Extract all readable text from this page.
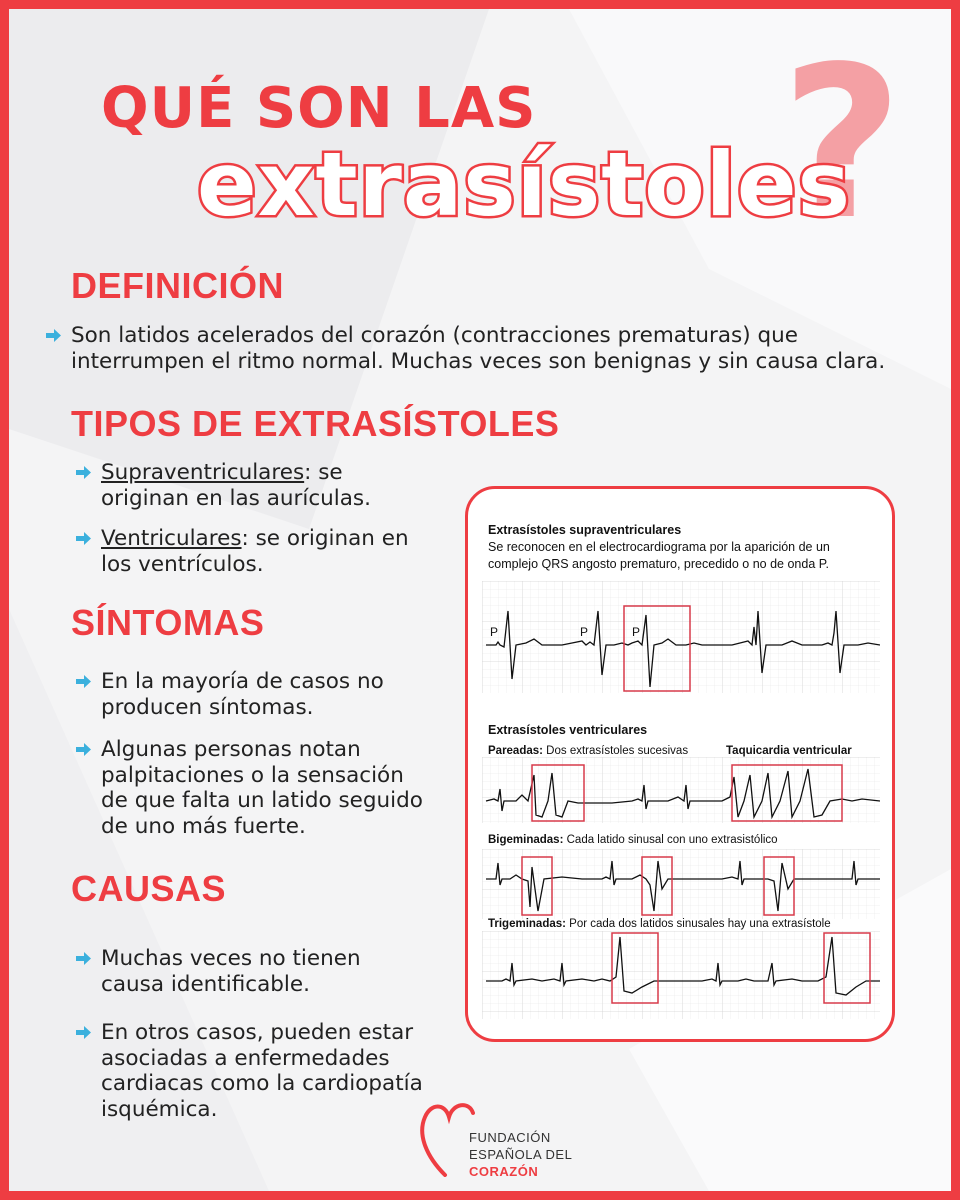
?
QUÉ SON LAS
extrasístoles
DEFINICIÓN
Son latidos acelerados del corazón (contracciones prematuras) que
interrumpen el ritmo normal. Muchas veces son benignas y sin causa clara.
TIPOS DE EXTRASÍSTOLES
Supraventriculares: se
originan en las aurículas.
Ventriculares: se originan en
los ventrículos.
SÍNTOMAS
En la mayoría de casos no
producen síntomas.
Algunas personas notan
palpitaciones o la sensación
de que falta un latido seguido
de uno más fuerte.
CAUSAS
Muchas veces no tienen
causa identificable.
En otros casos, pueden estar
asociadas a enfermedades
cardiacas como la cardiopatía
isquémica.
Extrasístoles supraventriculares
Se reconocen en el electrocardiograma por la aparición de un
complejo QRS angosto prematuro, precedido o no de onda P.
P	P	P
Extrasístoles ventriculares
Pareadas: Dos extrasístoles sucesivas	Taquicardia ventricular
Bigeminadas: Cada latido sinusal con uno extrasistólico
Trigeminadas: Por cada dos latidos sinusales hay una extrasístole
FUNDACIÓN
ESPAÑOLA DEL
CORAZÓN
